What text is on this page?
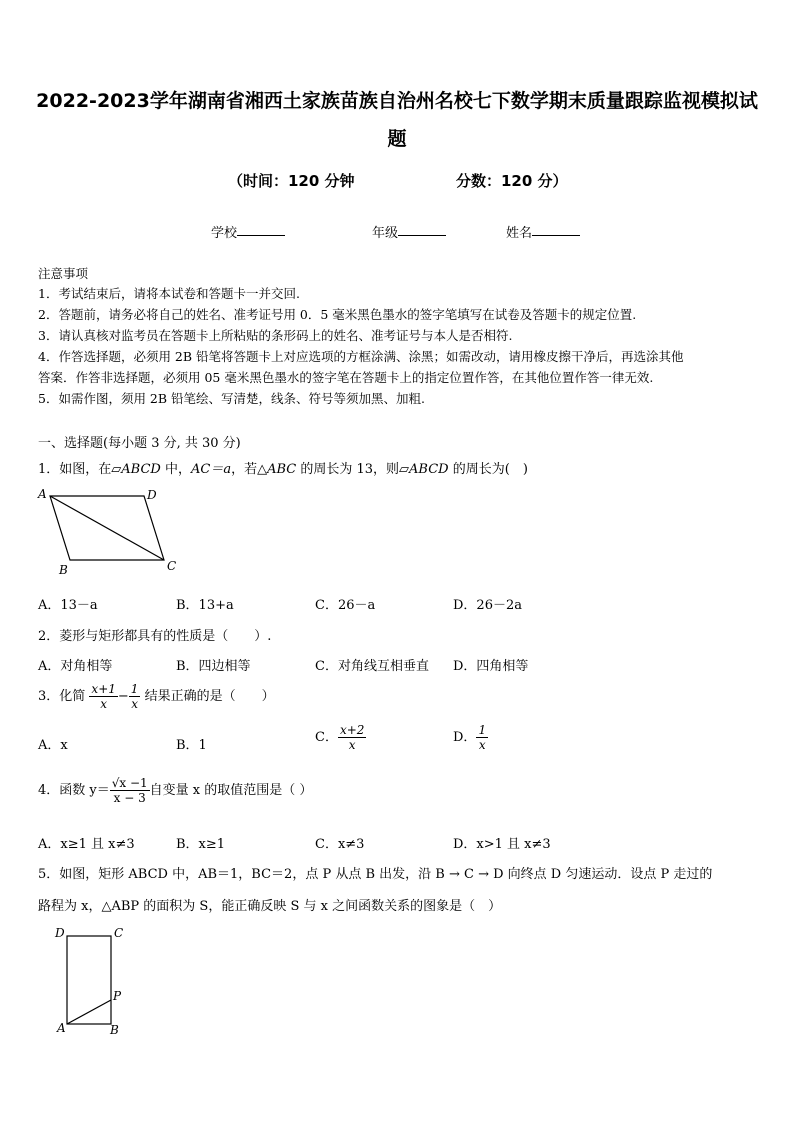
2022-2023学年湖南省湘西土家族苗族自治州名校七下数学期末质量跟踪监视模拟试
题
（时间：120 分钟	分数：120 分）
学校	年级	姓名
注意事项
1．考试结束后，请将本试卷和答题卡一并交回.
2．答题前，请务必将自己的姓名、准考证号用 0．5 毫米黑色墨水的签字笔填写在试卷及答题卡的规定位置.
3．请认真核对监考员在答题卡上所粘贴的条形码上的姓名、准考证号与本人是否相符.
4．作答选择题，必须用 2B 铅笔将答题卡上对应选项的方框涂满、涂黑；如需改动，请用橡皮擦干净后，再选涂其他
答案．作答非选择题，必须用 05 毫米黑色墨水的签字笔在答题卡上的指定位置作答，在其他位置作答一律无效.
5．如需作图，须用 2B 铅笔绘、写清楚，线条、符号等须加黑、加粗.
一、选择题(每小题 3 分, 共 30 分)
1．如图，在▱ABCD 中，AC＝a，若△ABC 的周长为 13，则▱ABCD 的周长为(　)
A	D
B	C
A．13－a	B．13+a	C．26－a	D．26－2a
2．菱形与矩形都具有的性质是（　　）.
A．对角相等	B．四边相等	C．对角线互相垂直 D．四角相等
3．化简 $\frac{x+1}{x} - \frac{1}{x}$ 结果正确的是（　　）
A．x	B．1
C． $\frac{x+2}{x}$	D． $\frac{1}{x}$
4．函数 $y= \frac{√x -1}{x - 3}$ 自变量 x 的取值范围是（ ）
A．x≥1 且 x≠3	B．x≥1	C．x≠3	D．x>1 且 x≠3
5．如图，矩形 ABCD 中，AB＝1，BC＝2，点 P 从点 B 出发，沿 B → C → D 向终点 D 匀速运动．设点 P 走过的
路程为 x，△ABP 的面积为 S，能正确反映 S 与 x 之间函数关系的图象是（　）
D	C
P
A	B
